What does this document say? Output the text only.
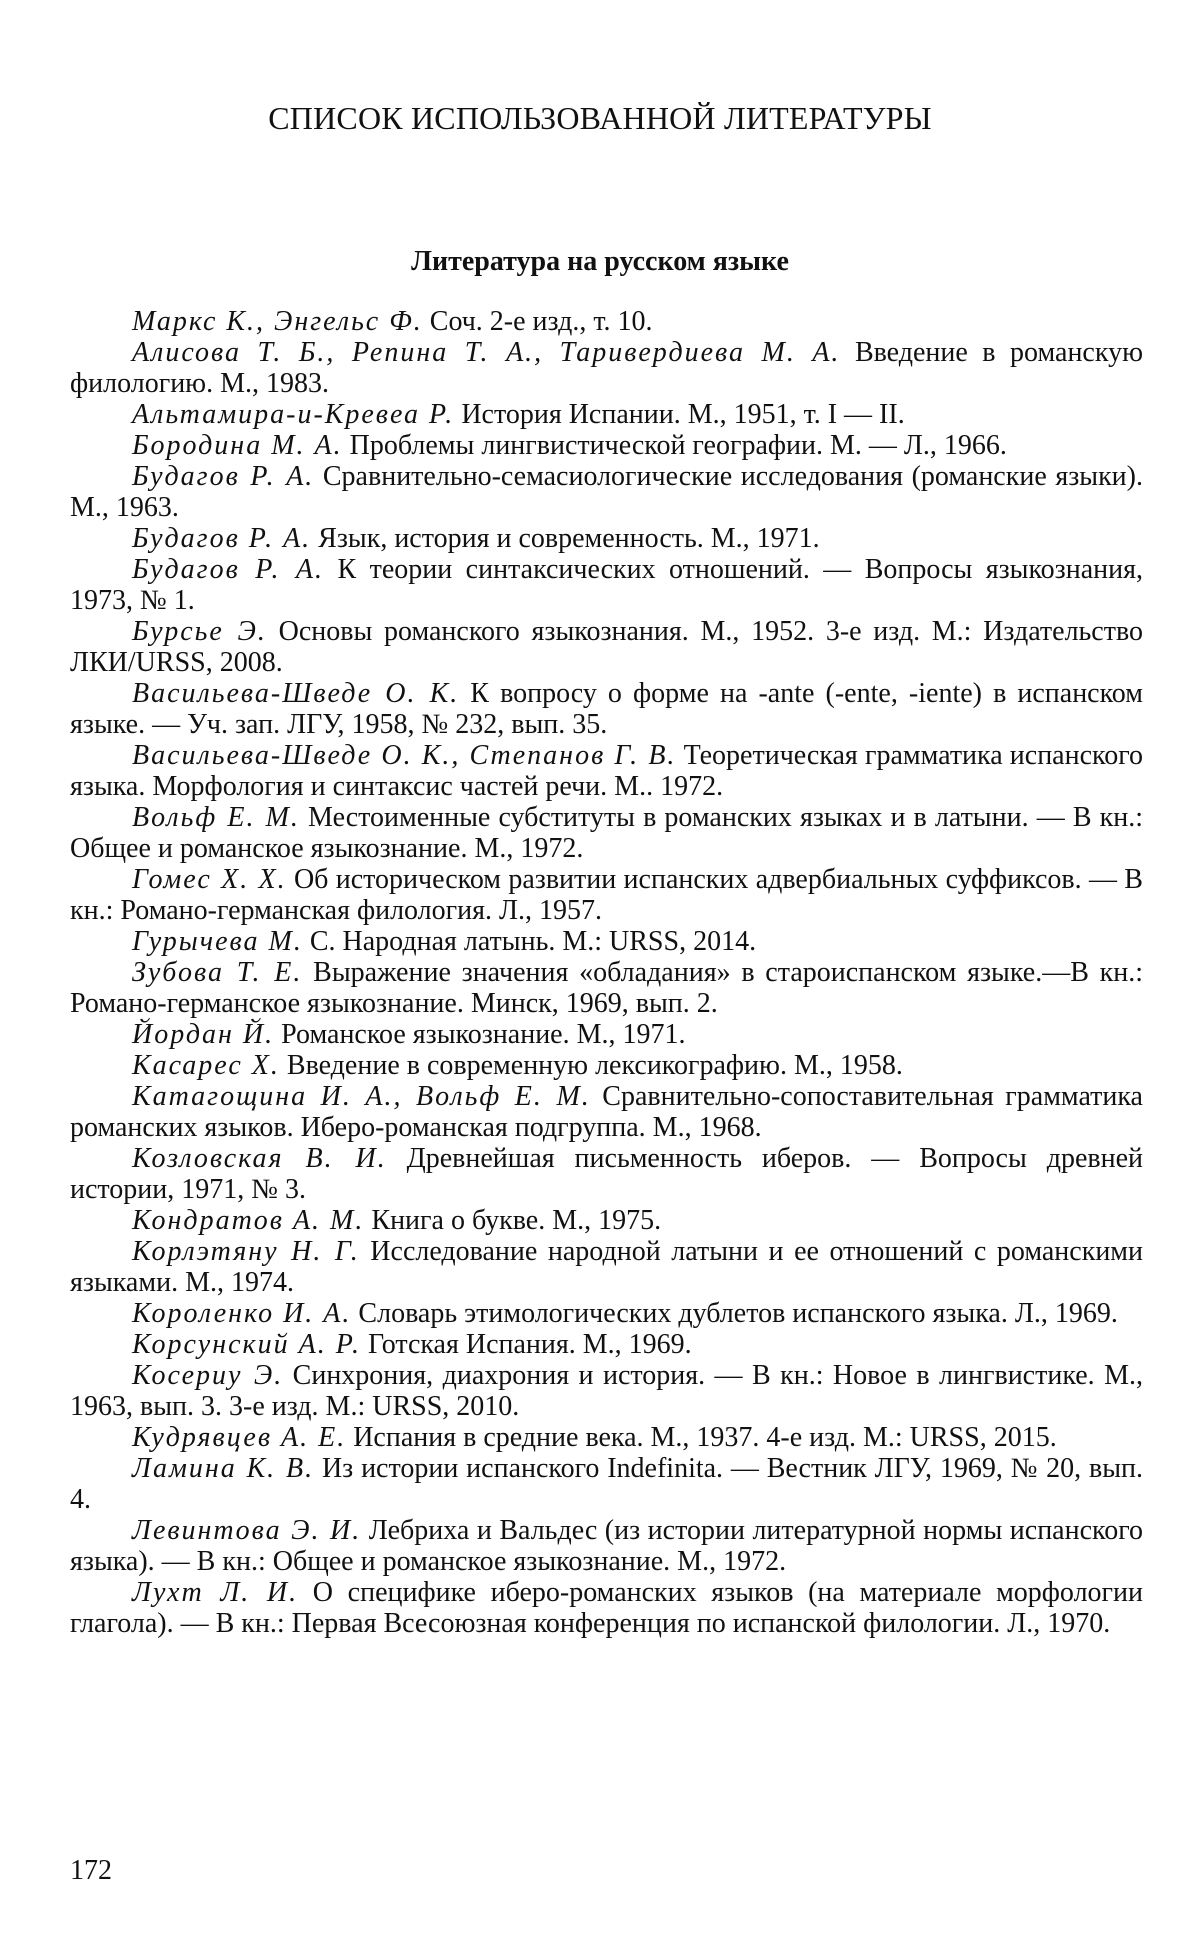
СПИСОК ИСПОЛЬЗОВАННОЙ ЛИТЕРАТУРЫ
Литература на русском языке

Маркс К., Энгельс Ф. Соч. 2-е изд., т. 10.

Алисова Т. Б., Репина Т. А., Таривердиева М. А. Введение в романскую филологию. М., 1983.

Альтамира-и-Кревеа Р. История Испании. М., 1951, т. I — II.

Бородина М. А. Проблемы лингвистической географии. М. — Л., 1966.

Будагов Р. А. Сравнительно-семасиологические исследования (романские языки). М., 1963.

Будагов Р. А. Язык, история и современность. М., 1971.

Будагов Р. А. К теории синтаксических отношений. — Вопросы языкознания, 1973, № 1.

Бурсье Э. Основы романского языкознания. М., 1952. 3-е изд. М.: Издательство ЛКИ/URSS, 2008.

Васильева-Шведе О. К. К вопросу о форме на -ante (-ente, -iente) в испанском языке. — Уч. зап. ЛГУ, 1958, № 232, вып. 35.

Васильева-Шведе О. К., Степанов Г. В. Теоретическая грамматика испанского языка. Морфология и синтаксис частей речи. М.. 1972.

Вольф Е. М. Местоименные субституты в романских языках и в латыни. — В кн.: Общее и романское языкознание. М., 1972.

Гомес Х. Х. Об историческом развитии испанских адвербиальных суффиксов. — В кн.: Романо-германская филология. Л., 1957.

Гурычева М. С. Народная латынь. М.: URSS, 2014.

Зубова Т. Е. Выражение значения «обладания» в староиспанском языке.—В кн.: Романо-германское языкознание. Минск, 1969, вып. 2.

Йордан Й. Романское языкознание. М., 1971.

Касарес Х. Введение в современную лексикографию. М., 1958.

Катагощина И. А., Вольф Е. М. Сравнительно-сопоставительная грамматика романских языков. Иберо-романская подгруппа. М., 1968.

Козловская В. И. Древнейшая письменность иберов. — Вопросы древней истории, 1971, № 3.

Кондратов А. М. Книга о букве. М., 1975.

Корлэтяну Н. Г. Исследование народной латыни и ее отношений с романскими языками. М., 1974.

Короленко И. А. Словарь этимологических дублетов испанского языка. Л., 1969.

Корсунский А. Р. Готская Испания. М., 1969.

Косериу Э. Синхрония, диахрония и история. — В кн.: Новое в лингвистике. М., 1963, вып. 3. 3-е изд. М.: URSS, 2010.

Кудрявцев А. Е. Испания в средние века. М., 1937. 4-е изд. М.: URSS, 2015.

Ламина К. В. Из истории испанского Indefinita. — Вестник ЛГУ, 1969, № 20, вып. 4.

Левинтова Э. И. Лебриха и Вальдес (из истории литературной нормы испанского языка). — В кн.: Общее и романское языкознание. М., 1972.

Лухт Л. И. О специфике иберо-романских языков (на материале морфологии глагола). — В кн.: Первая Всесоюзная конференция по испанской филологии. Л., 1970.

172
